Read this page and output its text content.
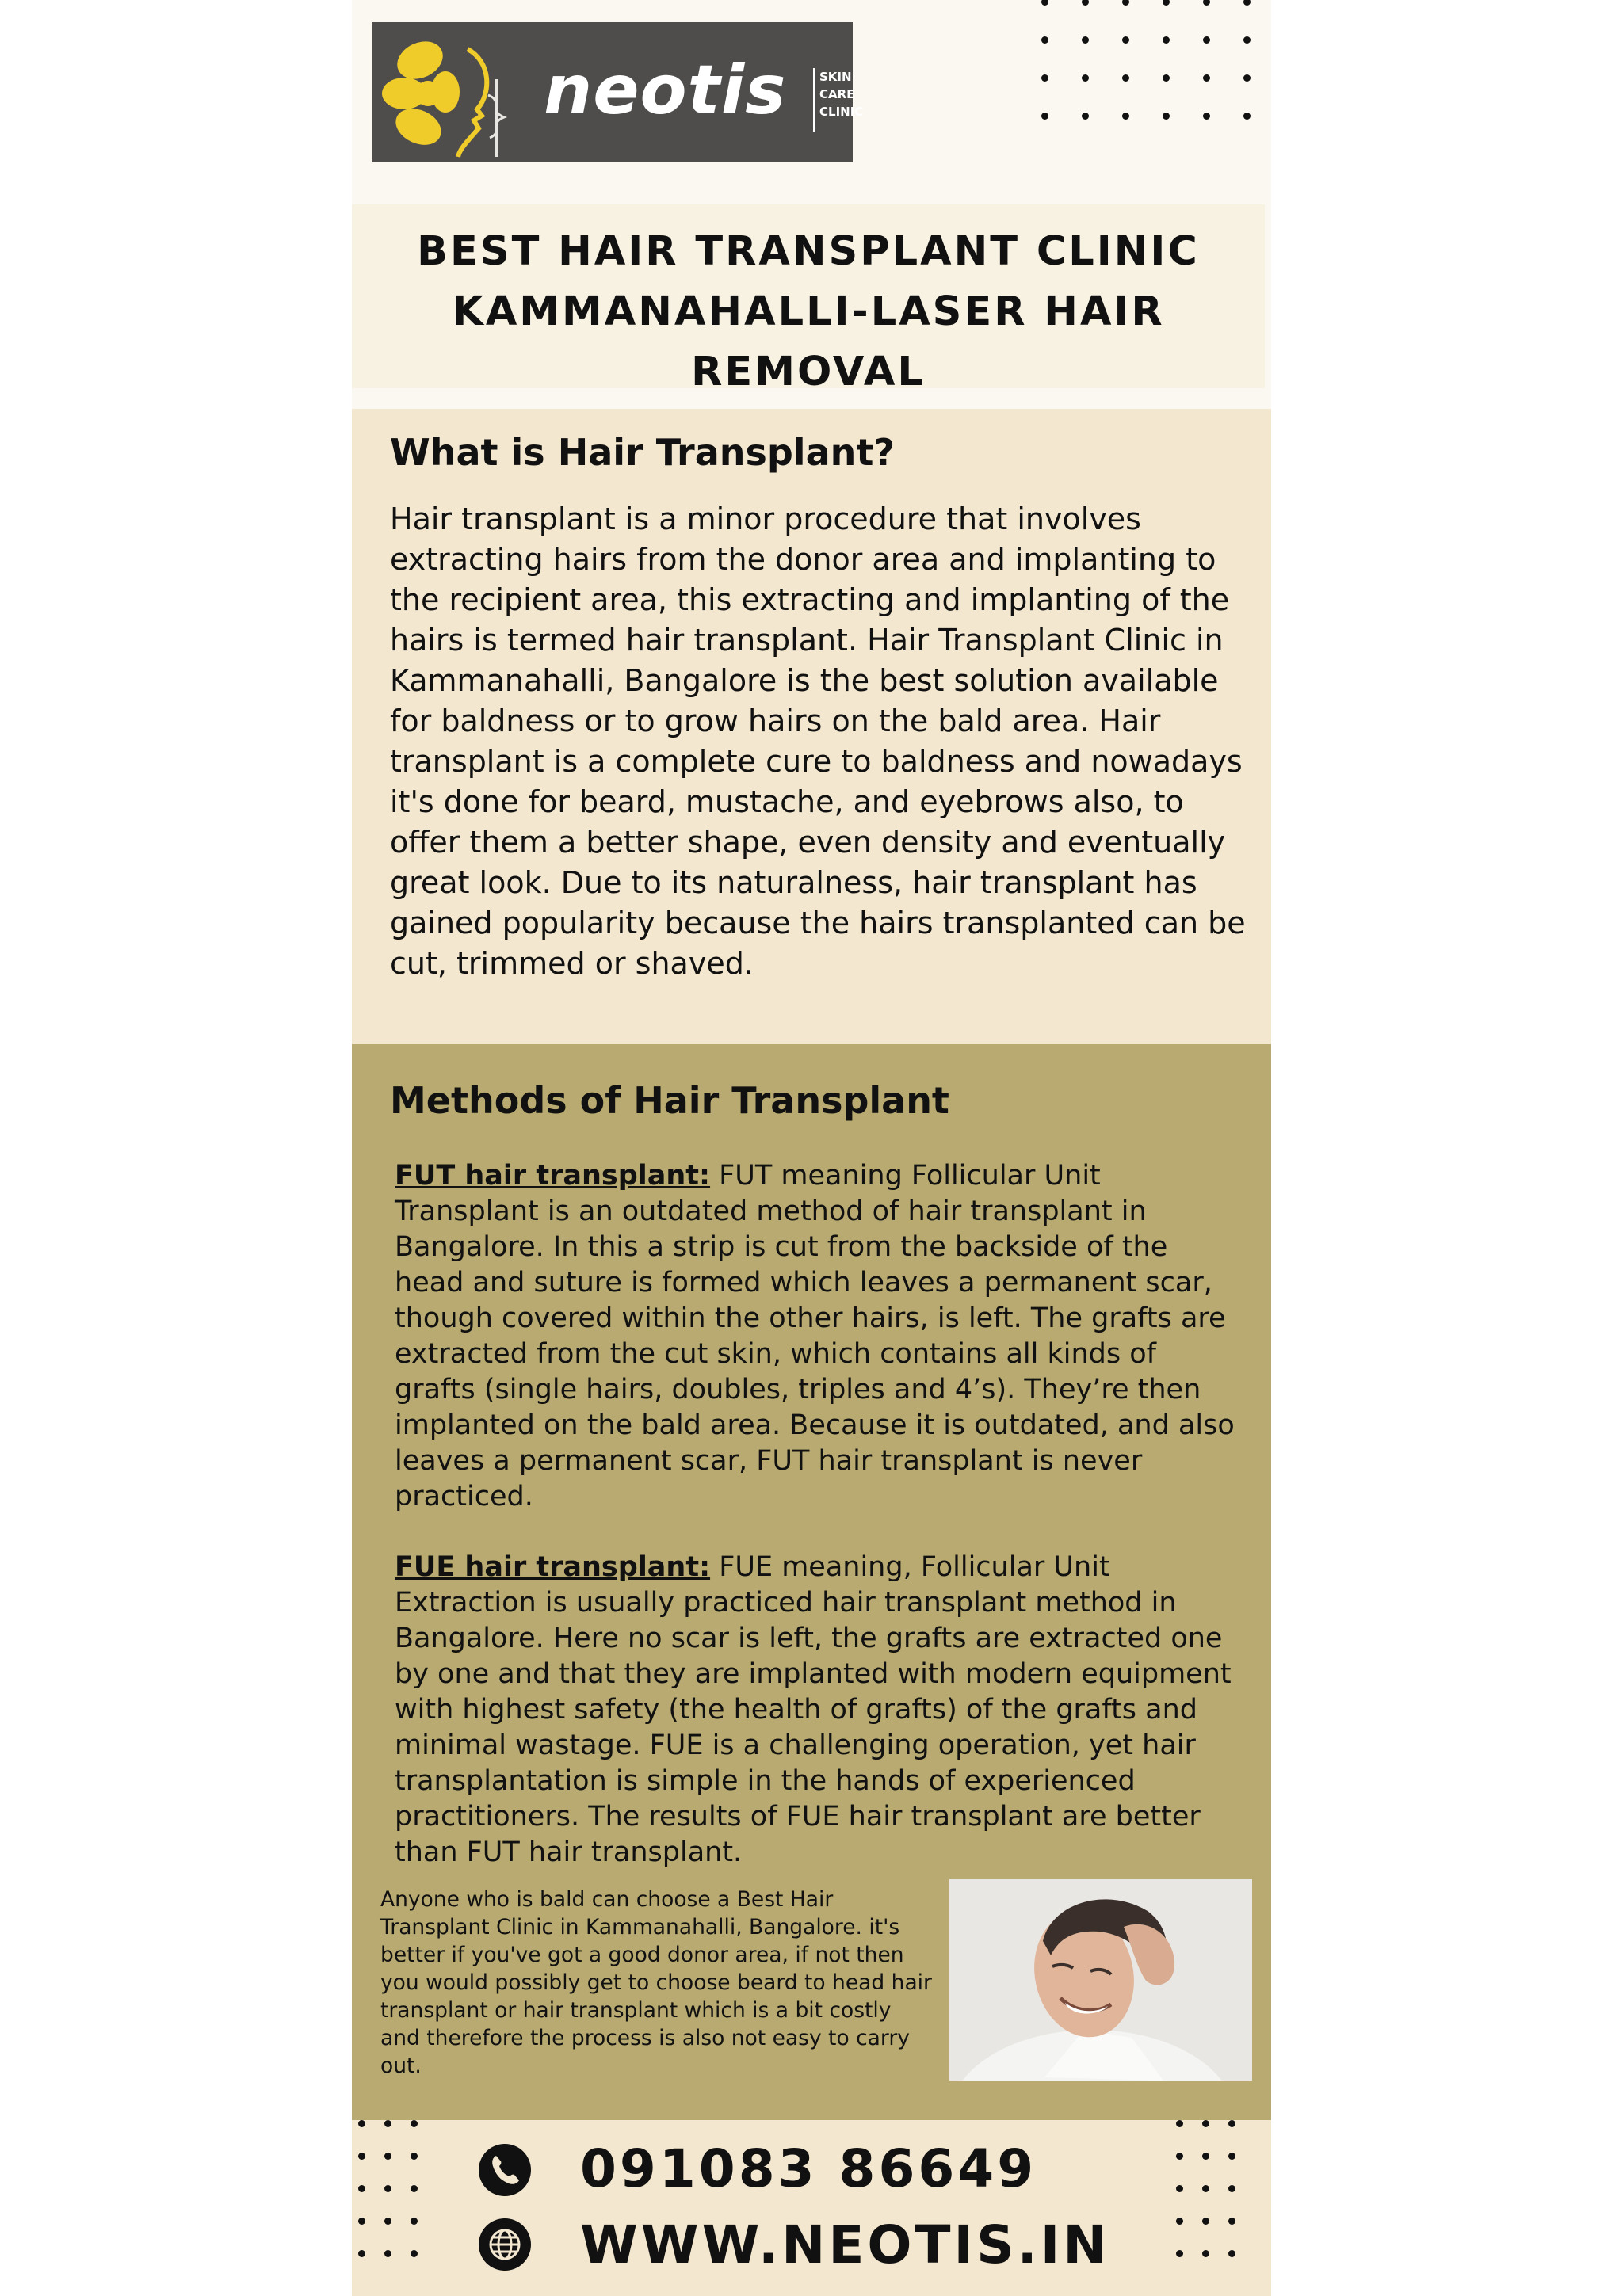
neotis	SKIN
CARE
CLINIC
BEST HAIR TRANSPLANT CLINIC
KAMMANAHALLI-LASER HAIR
REMOVAL
What is Hair Transplant?

Hair transplant is a minor procedure that involves extracting hairs from the donor area and implanting to the recipient area, this extracting and implanting of the hairs is termed hair transplant. Hair Transplant Clinic in Kammanahalli, Bangalore is the best solution available for baldness or to grow hairs on the bald area. Hair transplant is a complete cure to baldness and nowadays it's done for beard, mustache, and eyebrows also, to offer them a better shape, even density and eventually great look. Due to its naturalness, hair transplant has gained popularity because the hairs transplanted can be cut, trimmed or shaved.

Methods of Hair Transplant

FUT hair transplant: FUT meaning Follicular Unit Transplant is an outdated method of hair transplant in Bangalore. In this a strip is cut from the backside of the head and suture is formed which leaves a permanent scar, though covered within the other hairs, is left. The grafts are extracted from the cut skin, which contains all kinds of grafts (single hairs, doubles, triples and 4’s). They’re then implanted on the bald area. Because it is outdated, and also leaves a permanent scar, FUT hair transplant is never practiced.

FUE hair transplant: FUE meaning, Follicular Unit Extraction is usually practiced hair transplant method in Bangalore. Here no scar is left, the grafts are extracted one by one and that they are implanted with modern equipment with highest safety (the health of grafts) of the grafts and minimal wastage. FUE is a challenging operation, yet hair transplantation is simple in the hands of experienced practitioners. The results of FUE hair transplant are better than FUT hair transplant.

Anyone who is bald can choose a Best Hair Transplant Clinic in Kammanahalli, Bangalore. it's better if you've got a good donor area, if not then you would possibly get to choose beard to head hair transplant or hair transplant which is a bit costly and therefore the process is also not easy to carry out.

091083 86649
WWW.NEOTIS.IN
